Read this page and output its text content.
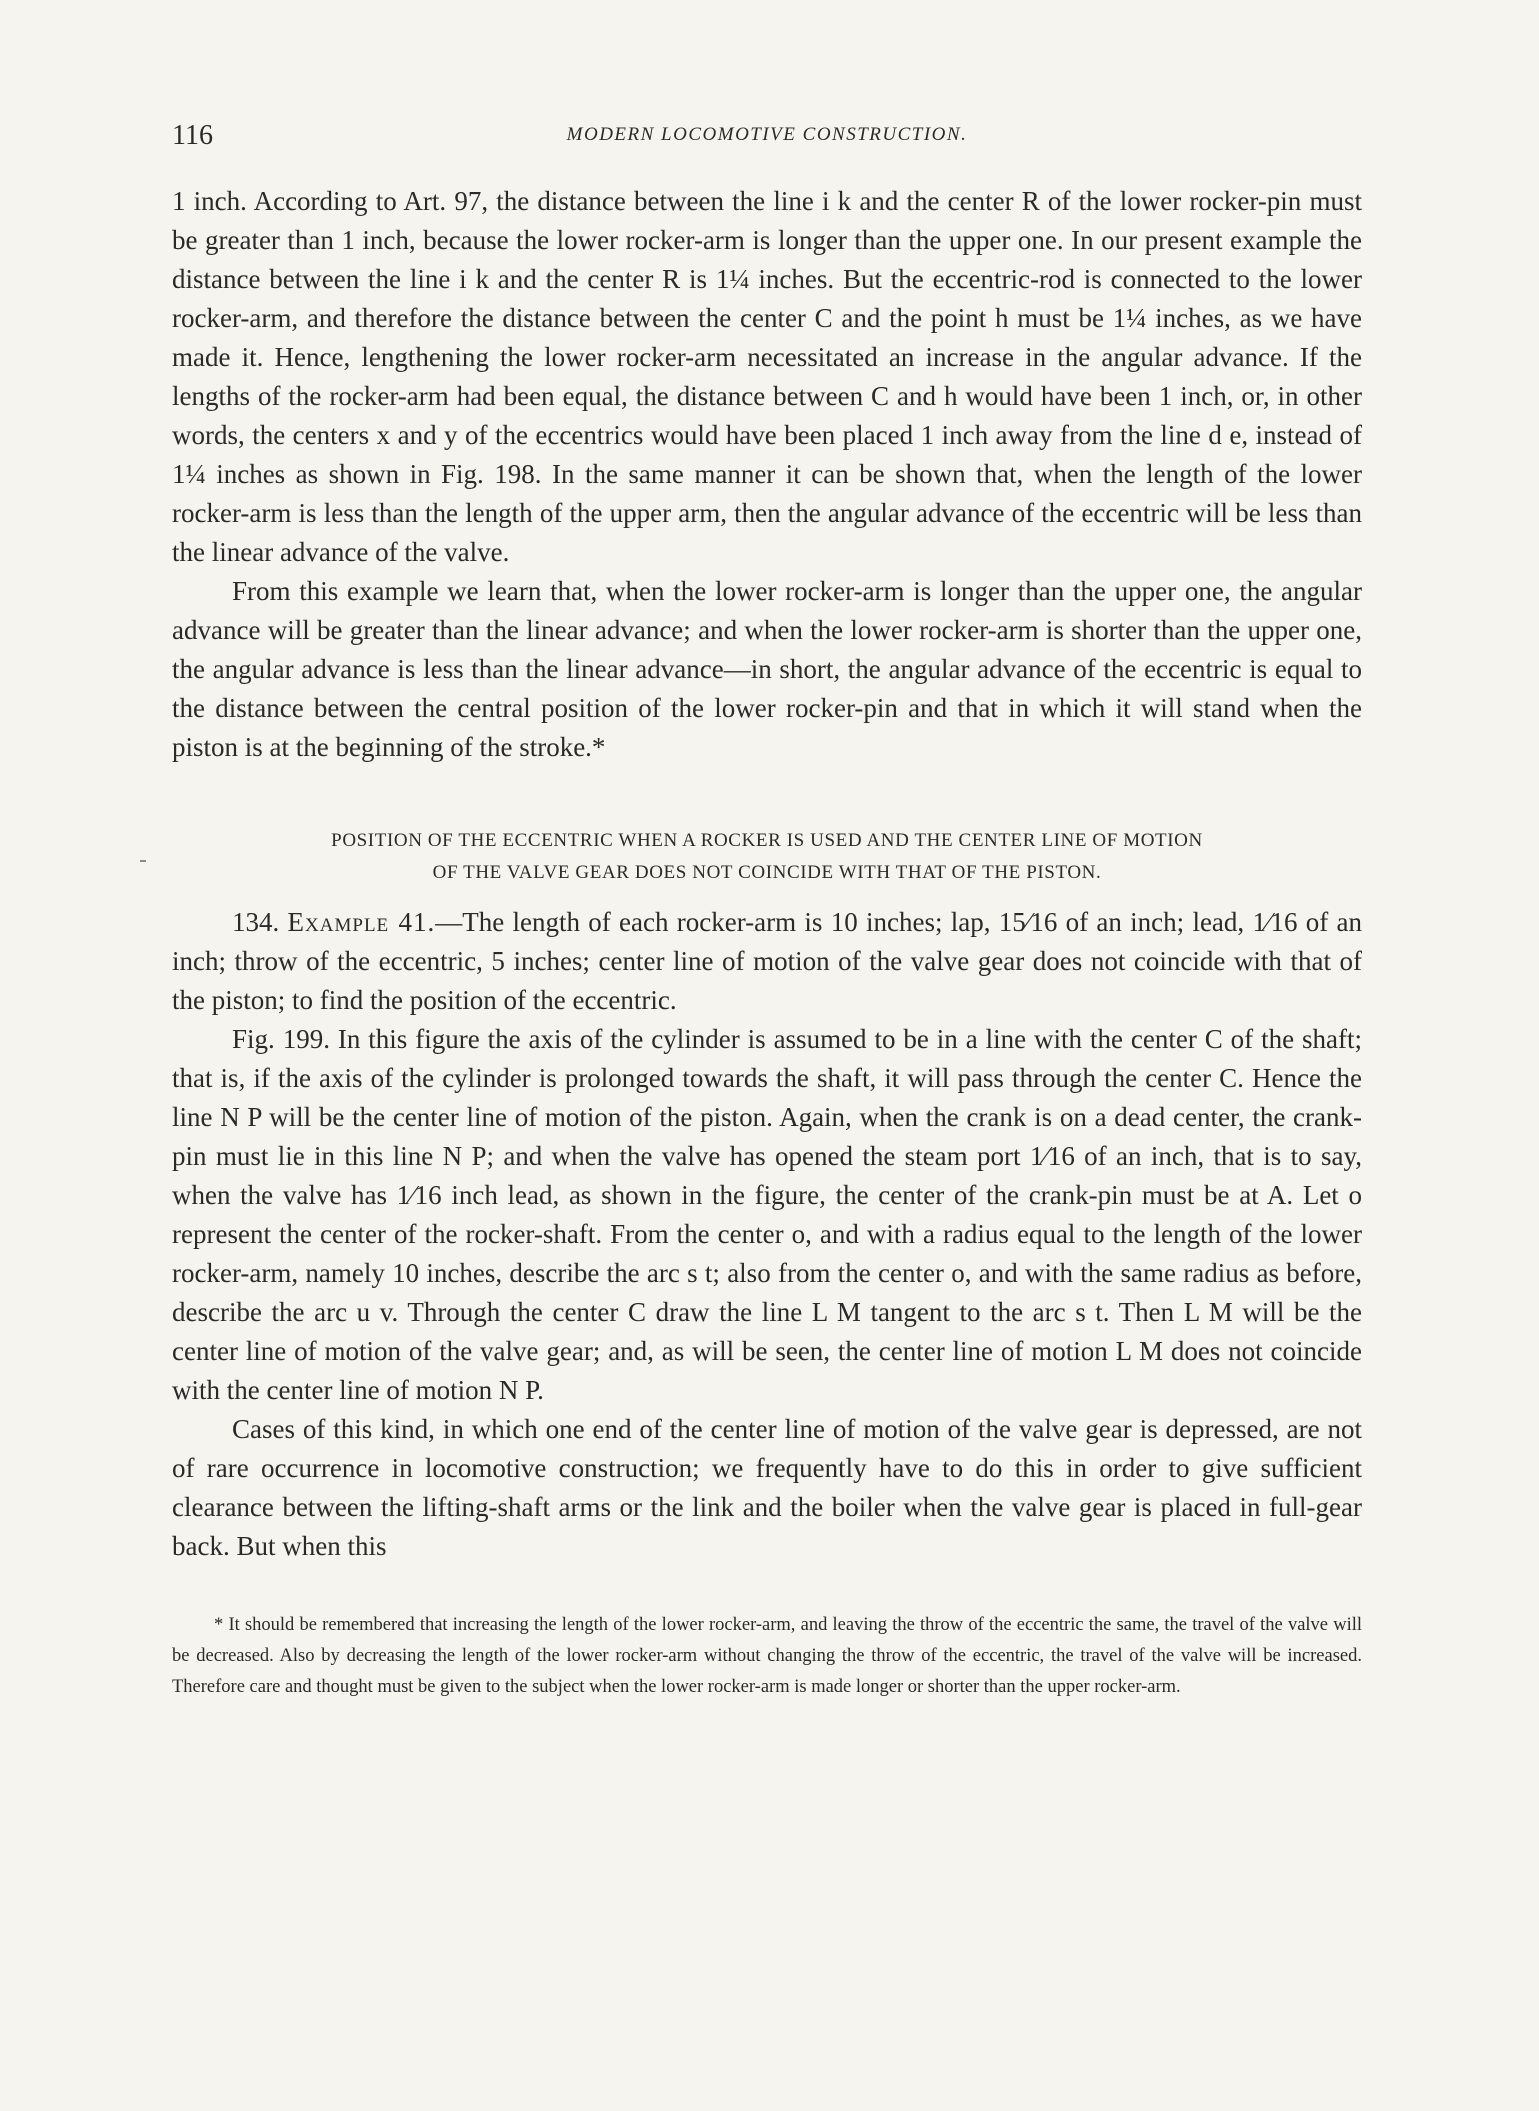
116	MODERN LOCOMOTIVE CONSTRUCTION.

1 inch. According to Art. 97, the distance between the line i k and the center R of the lower rocker-pin must be greater than 1 inch, because the lower rocker-arm is longer than the upper one. In our present example the distance between the line i k and the center R is 1¼ inches. But the eccentric-rod is connected to the lower rocker-arm, and therefore the distance between the center C and the point h must be 1¼ inches, as we have made it. Hence, lengthening the lower rocker-arm necessitated an increase in the angular advance. If the lengths of the rocker-arm had been equal, the distance between C and h would have been 1 inch, or, in other words, the centers x and y of the eccentrics would have been placed 1 inch away from the line d e, instead of 1¼ inches as shown in Fig. 198. In the same manner it can be shown that, when the length of the lower rocker-arm is less than the length of the upper arm, then the angular advance of the eccentric will be less than the linear advance of the valve.

From this example we learn that, when the lower rocker-arm is longer than the upper one, the angular advance will be greater than the linear advance; and when the lower rocker-arm is shorter than the upper one, the angular advance is less than the linear advance—in short, the angular advance of the eccentric is equal to the distance between the central position of the lower rocker-pin and that in which it will stand when the piston is at the beginning of the stroke.*

POSITION OF THE ECCENTRIC WHEN A ROCKER IS USED AND THE CENTER LINE OF MOTION
OF THE VALVE GEAR DOES NOT COINCIDE WITH THAT OF THE PISTON.

134. Example 41.—The length of each rocker-arm is 10 inches; lap, 15⁄16 of an inch; lead, 1⁄16 of an inch; throw of the eccentric, 5 inches; center line of motion of the valve gear does not coincide with that of the piston; to find the position of the eccentric.

Fig. 199. In this figure the axis of the cylinder is assumed to be in a line with the center C of the shaft; that is, if the axis of the cylinder is prolonged towards the shaft, it will pass through the center C. Hence the line N P will be the center line of motion of the piston. Again, when the crank is on a dead center, the crank-pin must lie in this line N P; and when the valve has opened the steam port 1⁄16 of an inch, that is to say, when the valve has 1⁄16 inch lead, as shown in the figure, the center of the crank-pin must be at A. Let o represent the center of the rocker-shaft. From the center o, and with a radius equal to the length of the lower rocker-arm, namely 10 inches, describe the arc s t; also from the center o, and with the same radius as before, describe the arc u v. Through the center C draw the line L M tangent to the arc s t. Then L M will be the center line of motion of the valve gear; and, as will be seen, the center line of motion L M does not coincide with the center line of motion N P.

Cases of this kind, in which one end of the center line of motion of the valve gear is depressed, are not of rare occurrence in locomotive construction; we frequently have to do this in order to give sufficient clearance between the lifting-shaft arms or the link and the boiler when the valve gear is placed in full-gear back. But when this

* It should be remembered that increasing the length of the lower rocker-arm, and leaving the throw of the eccentric the same, the travel of the valve will be decreased. Also by decreasing the length of the lower rocker-arm without changing the throw of the eccentric, the travel of the valve will be increased. Therefore care and thought must be given to the subject when the lower rocker-arm is made longer or shorter than the upper rocker-arm.
